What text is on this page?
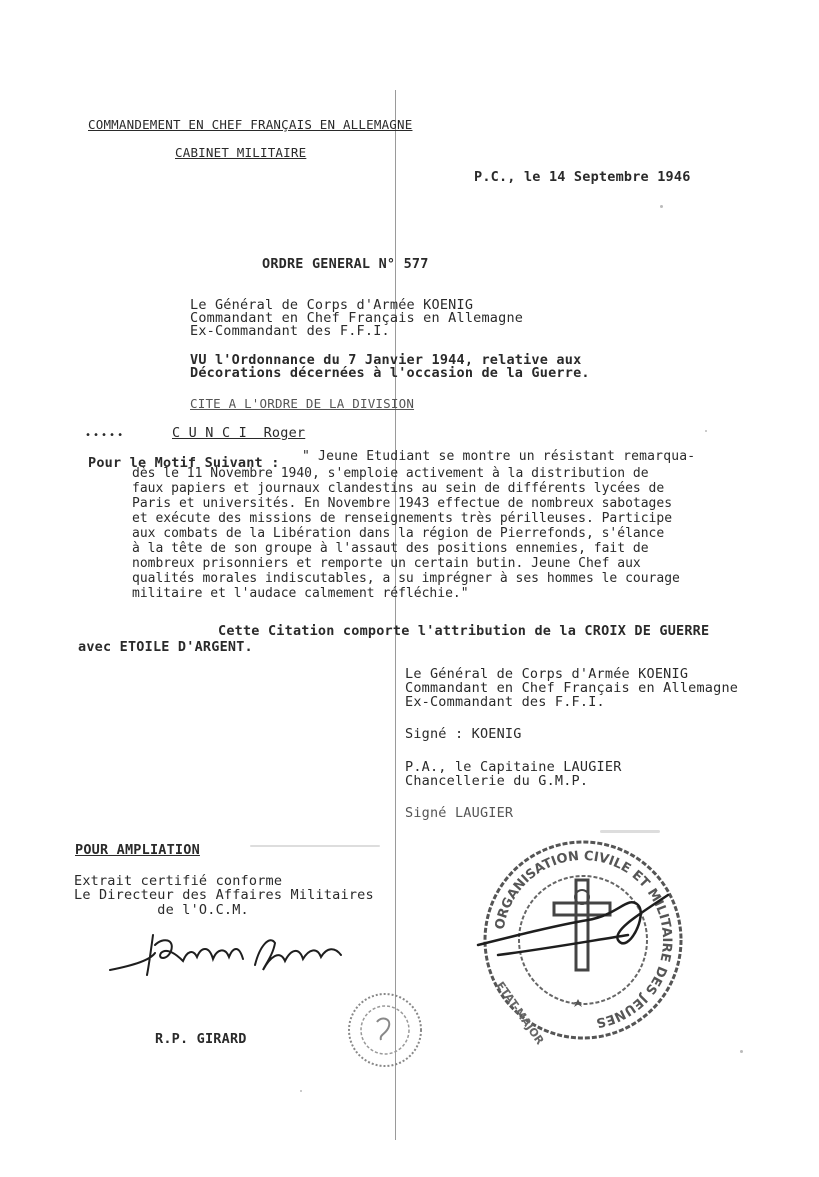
COMMANDEMENT EN CHEF FRANÇAIS EN ALLEMAGNE
CABINET MILITAIRE
P.C., le 14 Septembre 1946
ORDRE GENERAL N° 577
Le Général de Corps d'Armée KOENIG
Commandant en Chef Français en Allemagne
Ex-Commandant des F.F.I.
VU l'Ordonnance du 7 Janvier 1944, relative aux
Décorations décernées à l'occasion de la Guerre.
CITE A L'ORDRE DE LA DIVISION
•••••	C U N C I  Roger
Pour le Motif Suivant : " Jeune Etudiant se montre un résistant remarqua-
dès le 11 Novembre 1940, s'emploie activement à la distribution de
faux papiers et journaux clandestins au sein de différents lycées de
Paris et universités. En Novembre 1943 effectue de nombreux sabotages
et exécute des missions de renseignements très périlleuses. Participe
aux combats de la Libération dans la région de Pierrefonds, s'élance
à la tête de son groupe à l'assaut des positions ennemies, fait de
nombreux prisonniers et remporte un certain butin. Jeune Chef aux
qualités morales indiscutables, a su imprégner à ses hommes le courage
militaire et l'audace calmement réfléchie."
Cette Citation comporte l'attribution de la CROIX DE GUERRE
avec ETOILE D'ARGENT.
Le Général de Corps d'Armée KOENIG
Commandant en Chef Français en Allemagne
Ex-Commandant des F.F.I.
Signé : KOENIG
P.A., le Capitaine LAUGIER
Chancellerie du G.M.P.
Signé LAUGIER
POUR AMPLIATION
Extrait certifié conforme
Le Directeur des Affaires Militaires
de l'O.C.M.
R.P. GIRARD
ORGANISATION CIVILE ET MILITAIRE DES JEUNES
ETAT-MAJOR
